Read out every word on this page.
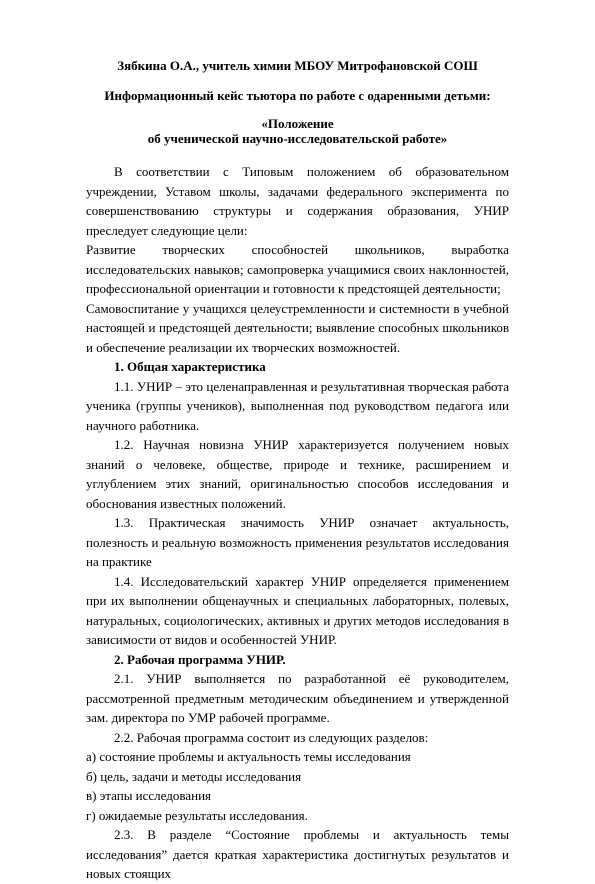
Зябкина О.А., учитель химии МБОУ Митрофановской СОШ
Информационный кейс тьютора по работе с одаренными детьми:
«Положение
об ученической научно-исследовательской работе»

В соответствии с Типовым положением об образовательном учреждении, Уставом школы, задачами федерального эксперимента по совершенствованию структуры и содержания образования, УНИР преследует следующие цели:

Развитие творческих способностей школьников, выработка исследовательских навыков; самопроверка учащимися своих наклонностей, профессиональной ориентации и готовности к предстоящей деятельности;

Самовоспитание у учащихся целеустремленности и системности в учебной настоящей и предстоящей деятельности; выявление способных школьников и обеспечение реализации их творческих возможностей.

1. Общая характеристика

1.1. УНИР – это целенаправленная и результативная творческая работа ученика (группы учеников), выполненная под руководством педагога или научного работника.

1.2. Научная новизна УНИР характеризуется получением новых знаний о человеке, обществе, природе и технике, расширением и углублением этих знаний, оригинальностью способов исследования и обоснования известных положений.

1.3. Практическая значимость УНИР означает актуальность, полезность и реальную возможность применения результатов исследования на практике

1.4. Исследовательский характер УНИР определяется применением при их выполнении общенаучных и специальных лабораторных, полевых, натуральных, социологических, активных и других методов исследования в зависимости от видов и особенностей УНИР.

2. Рабочая программа УНИР.

2.1. УНИР выполняется по разработанной её руководителем, рассмотренной предметным методическим объединением и утвержденной зам. директора по УМР рабочей программе.

2.2. Рабочая программа состоит из следующих разделов:

а) состояние проблемы и актуальность темы исследования

б) цель, задачи и методы исследования

в) этапы исследования

г) ожидаемые результаты исследования.

2.3. В разделе “Состояние проблемы и актуальность темы исследования” дается краткая характеристика достигнутых результатов и новых стоящих
